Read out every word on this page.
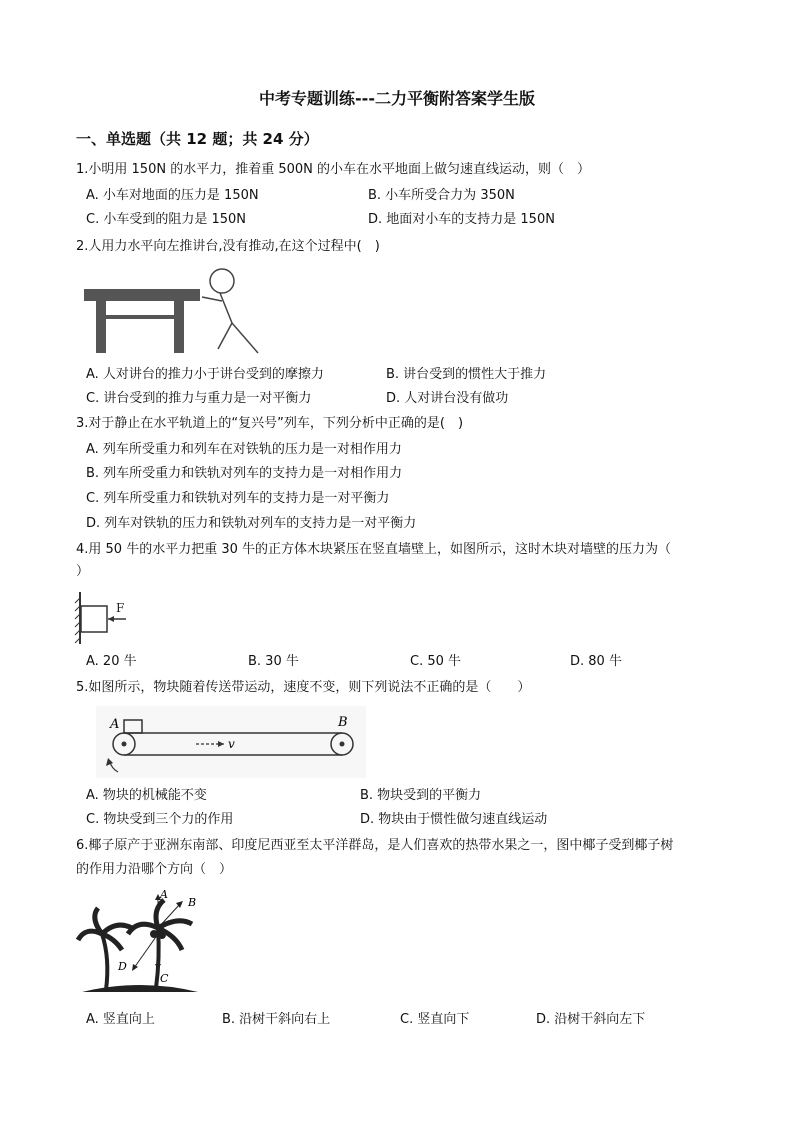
中考专题训练---二力平衡附答案学生版
一、单选题（共 12 题；共 24 分）
1.小明用 150N 的水平力，推着重 500N 的小车在水平地面上做匀速直线运动，则（　）
A. 小车对地面的压力是 150N	B. 小车所受合力为 350N
C. 小车受到的阻力是 150N	D. 地面对小车的支持力是 150N
2.人用力水平向左推讲台,没有推动,在这个过程中(　)
A. 人对讲台的推力小于讲台受到的摩擦力	B. 讲台受到的惯性大于推力
C. 讲台受到的推力与重力是一对平衡力	D. 人对讲台没有做功
3.对于静止在水平轨道上的“复兴号”列车，下列分析中正确的是(　)
A. 列车所受重力和列车在对铁轨的压力是一对相作用力
B. 列车所受重力和铁轨对列车的支持力是一对相作用力
C. 列车所受重力和铁轨对列车的支持力是一对平衡力
D. 列车对铁轨的压力和铁轨对列车的支持力是一对平衡力
4.用 50 牛的水平力把重 30 牛的正方体木块紧压在竖直墙壁上，如图所示，这时木块对墙壁的压力为（
）
F
A. 20 牛	B. 30 牛	C. 50 牛	D. 80 牛
5.如图所示，物块随着传送带运动，速度不变，则下列说法不正确的是（　　）
A	B
v
A. 物块的机械能不变	B. 物块受到的平衡力
C. 物块受到三个力的作用	D. 物块由于惯性做匀速直线运动
6.椰子原产于亚洲东南部、印度尼西亚至太平洋群岛，是人们喜欢的热带水果之一，图中椰子受到椰子树
的作用力沿哪个方向（　）
A
B
C
D
A. 竖直向上	B. 沿树干斜向右上	C. 竖直向下	D. 沿树干斜向左下
